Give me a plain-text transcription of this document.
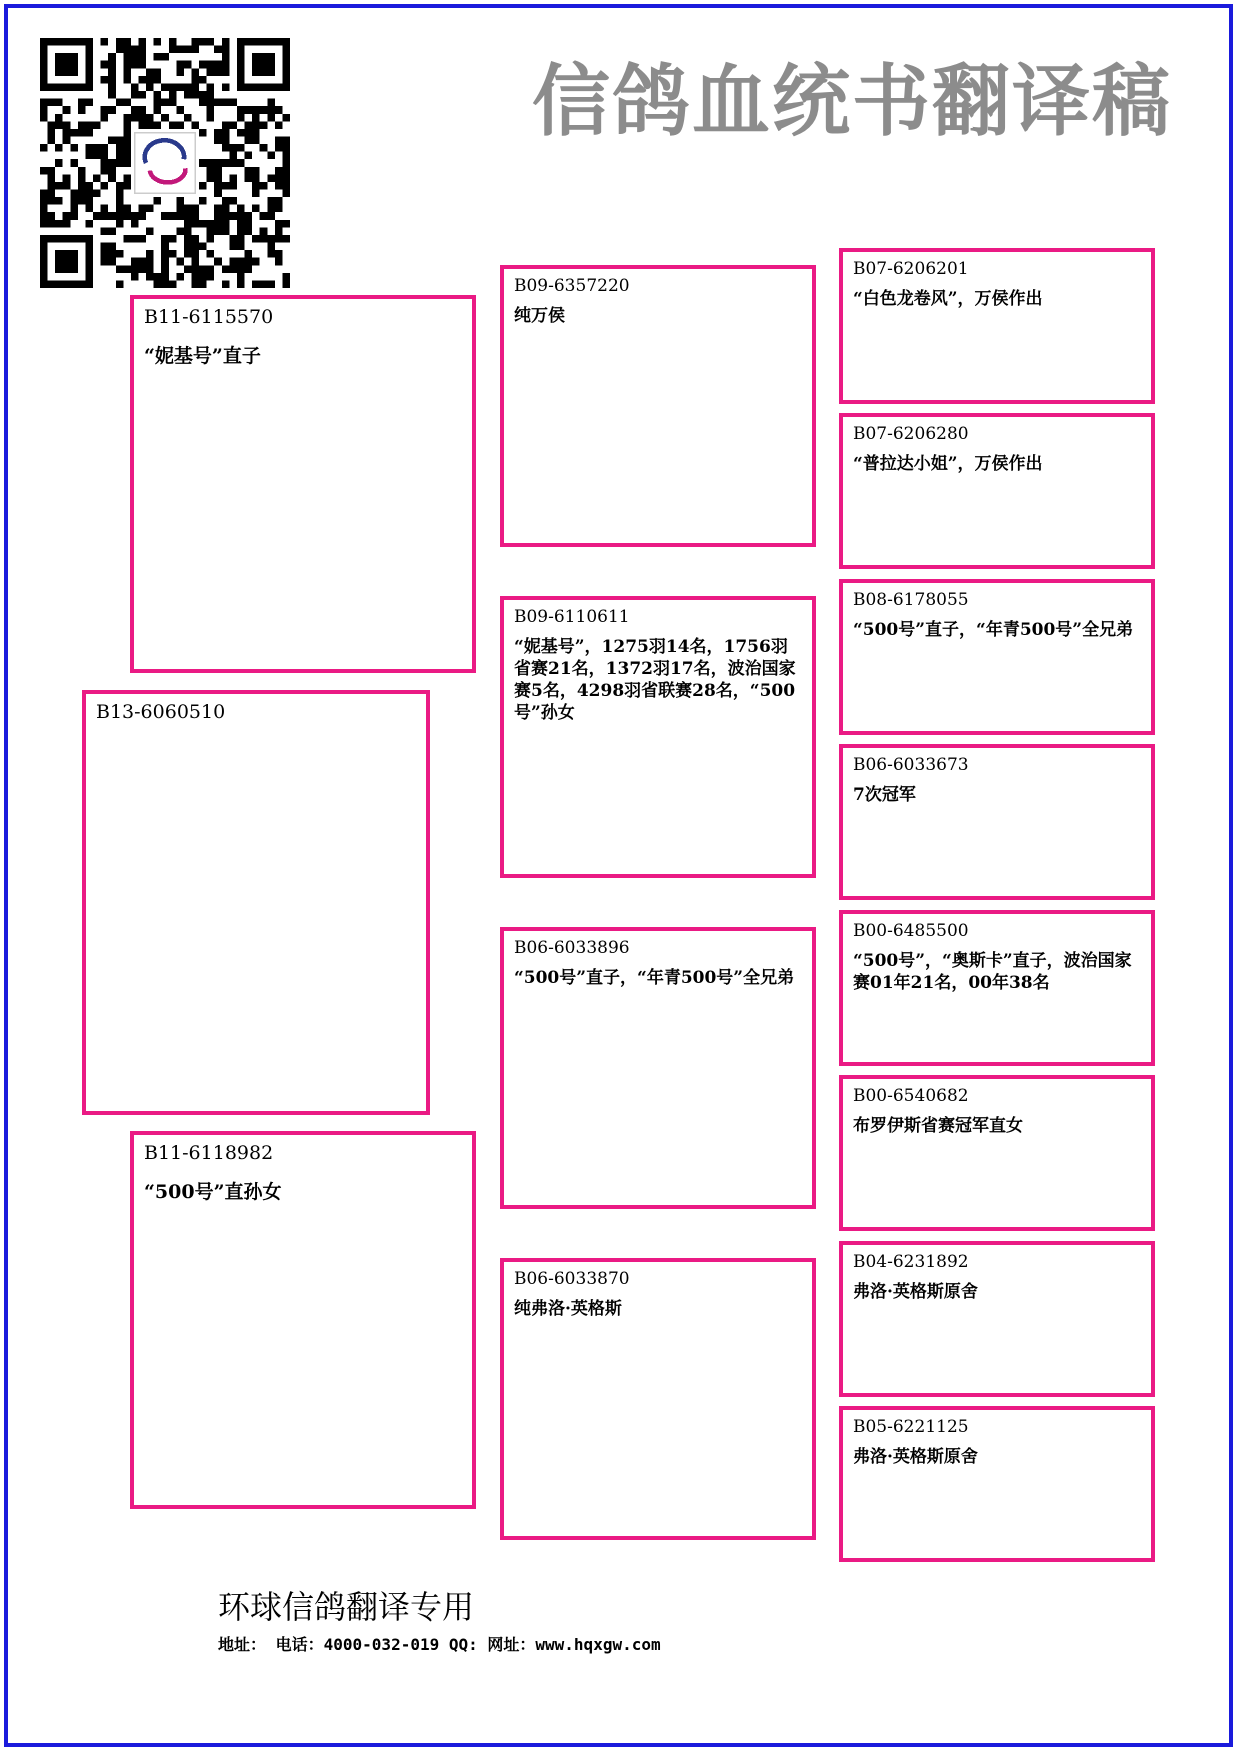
信鸽血统书翻译稿
B11-6115570
“妮基号”直子
B13-6060510
B11-6118982
“500号”直孙女
B09-6357220
纯万侯
B09-6110611
“妮基号”，1275羽14名，1756羽省赛21名，1372羽17名，波治国家赛5名，4298羽省联赛28名，“500号”孙女
B06-6033896
“500号”直子，“年青500号”全兄弟
B06-6033870
纯弗洛·英格斯
B07-6206201
“白色龙卷风”，万侯作出
B07-6206280
“普拉达小姐”，万侯作出
B08-6178055
“500号”直子，“年青500号”全兄弟
B06-6033673
7次冠军
B00-6485500
“500号”，“奥斯卡”直子，波治国家赛01年21名，00年38名
B00-6540682
布罗伊斯省赛冠军直女
B04-6231892
弗洛·英格斯原舍
B05-6221125
弗洛·英格斯原舍
环球信鸽翻译专用
地址： 电话：4000-032-019 QQ: 网址：www.hqxgw.com
